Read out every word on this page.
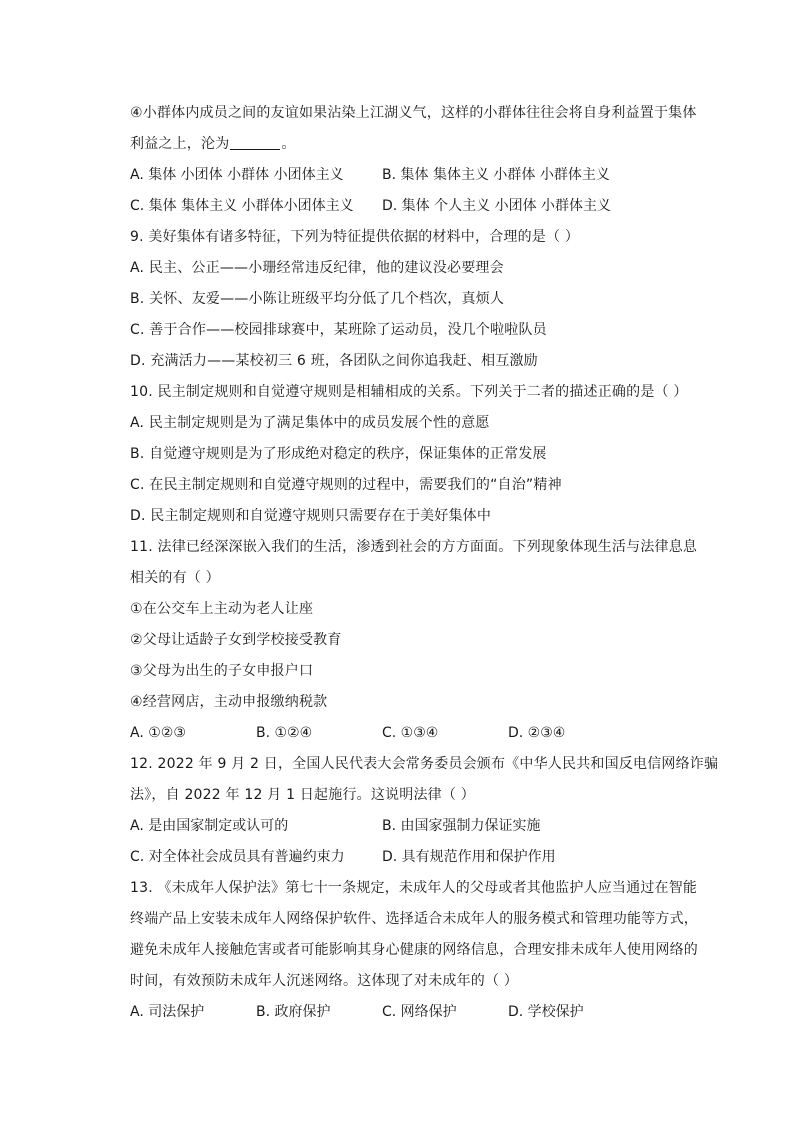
④小群体内成员之间的友谊如果沾染上江湖义气，这样的小群体往往会将自身利益置于集体
利益之上，沦为	。
A. 集体 小团体 小群体 小团体主义	B. 集体 集体主义 小群体 小群体主义
C. 集体 集体主义 小群体小团体主义	D. 集体 个人主义 小团体 小群体主义
9. 美好集体有诸多特征，下列为特征提供依据的材料中，合理的是（ ）
A. 民主、公正——小珊经常违反纪律，他的建议没必要理会
B. 关怀、友爱——小陈让班级平均分低了几个档次，真烦人
C. 善于合作——校园排球赛中，某班除了运动员，没几个啦啦队员
D. 充满活力——某校初三 6 班，各团队之间你追我赶、相互激励
10. 民主制定规则和自觉遵守规则是相辅相成的关系。下列关于二者的描述正确的是（ ）
A. 民主制定规则是为了满足集体中的成员发展个性的意愿
B. 自觉遵守规则是为了形成绝对稳定的秩序，保证集体的正常发展
C. 在民主制定规则和自觉遵守规则的过程中，需要我们的“自治”精神
D. 民主制定规则和自觉遵守规则只需要存在于美好集体中
11. 法律已经深深嵌入我们的生活，渗透到社会的方方面面。下列现象体现生活与法律息息
相关的有（ ）
①在公交车上主动为老人让座
②父母让适龄子女到学校接受教育
③父母为出生的子女申报户口
④经营网店，主动申报缴纳税款
A. ①②③	B. ①②④	C. ①③④	D. ②③④
12. 2022 年 9 月 2 日，全国人民代表大会常务委员会颁布《中华人民共和国反电信网络诈骗
法》，自 2022 年 12 月 1 日起施行。这说明法律（ ）
A. 是由国家制定或认可的	B. 由国家强制力保证实施
C. 对全体社会成员具有普遍约束力	D. 具有规范作用和保护作用
13. 《未成年人保护法》第七十一条规定，未成年人的父母或者其他监护人应当通过在智能
终端产品上安装未成年人网络保护软件、选择适合未成年人的服务模式和管理功能等方式，
避免未成年人接触危害或者可能影响其身心健康的网络信息，合理安排未成年人使用网络的
时间，有效预防未成年人沉迷网络。这体现了对未成年的（ ）
A. 司法保护	B. 政府保护	C. 网络保护	D. 学校保护
